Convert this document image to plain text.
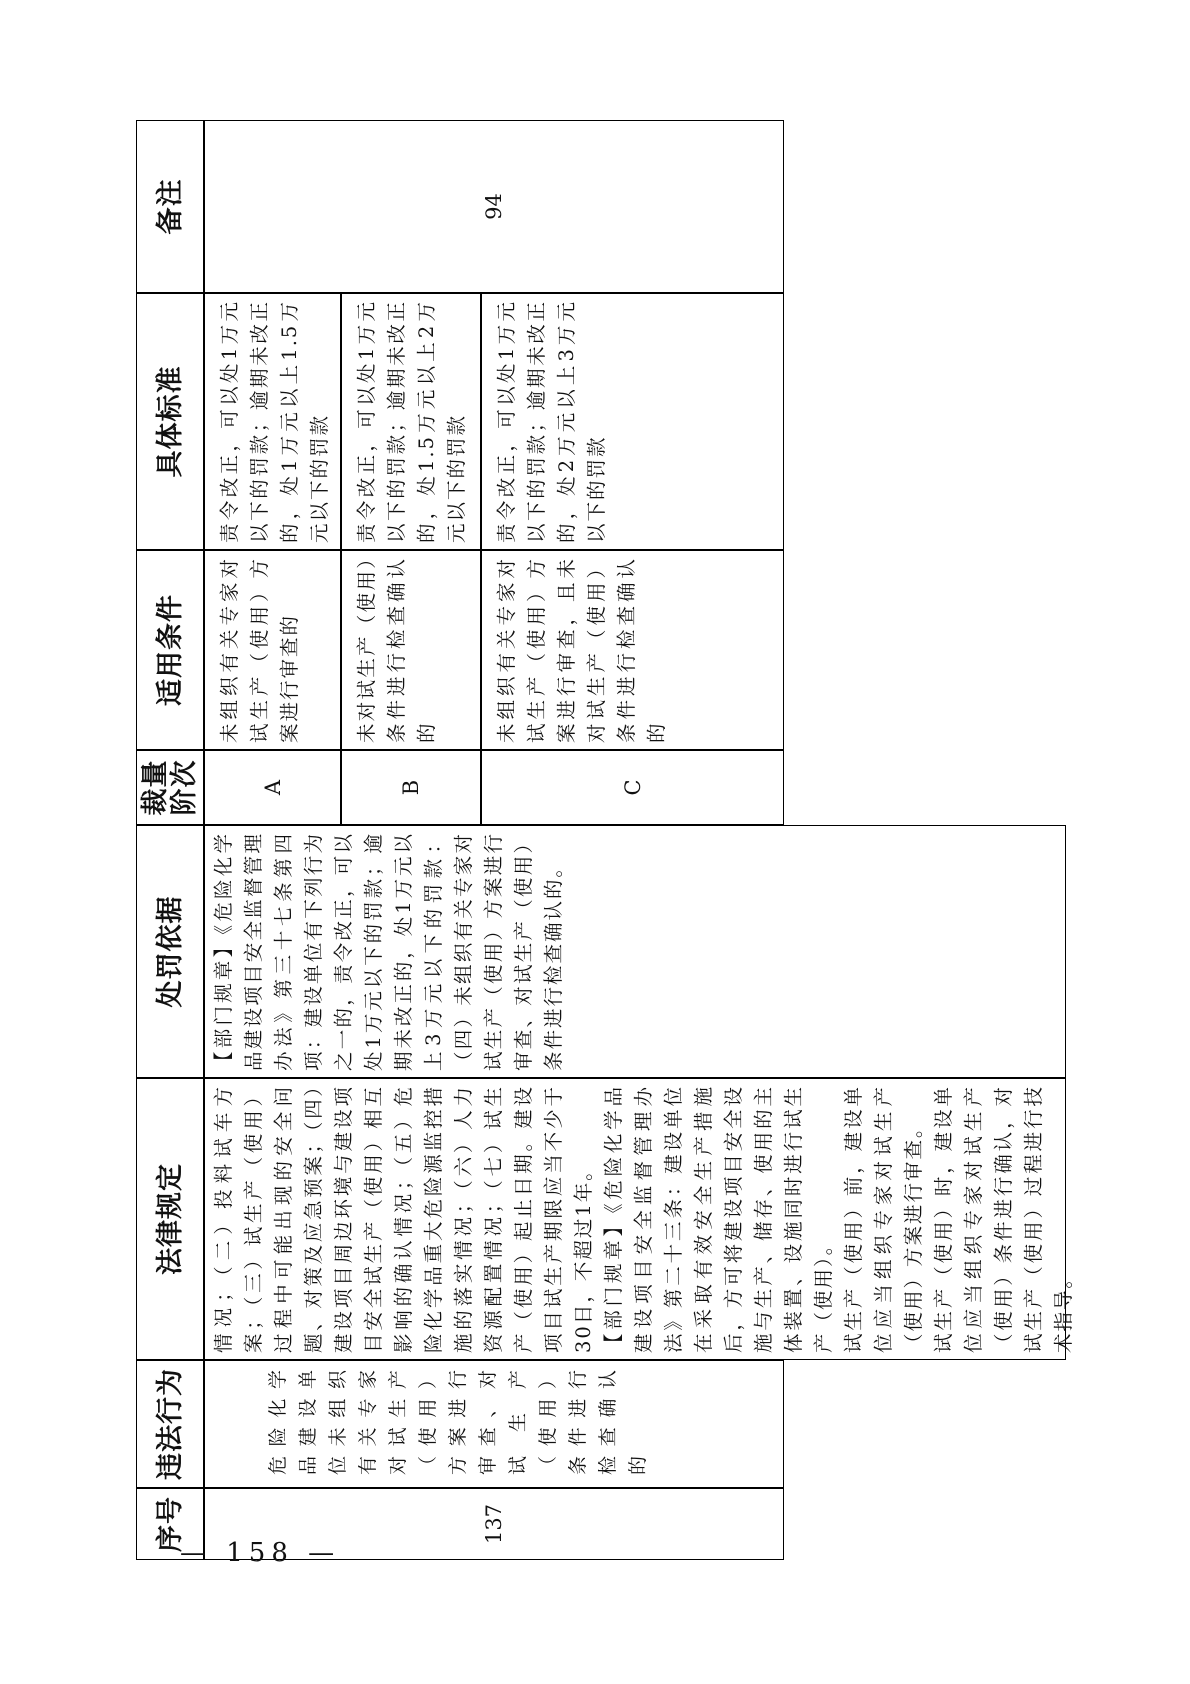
序号
违法行为
法律规定
处罚依据
裁量
阶次
适用条件
具体标准
备注
137
危险化学品建设单位未组织有关专家对试生产（使用）方案进行审查、对试生产（使用）条件进行检查确认的
情况；（二）投料试车方案；（三）试生产（使用）过程中可能出现的安全问题、对策及应急预案；（四）建设项目周边环境与建设项目安全试生产（使用）相互影响的确认情况；（五）危险化学品重大危险源监控措施的落实情况；（六）人力资源配置情况；（七）试生产（使用）起止日期。建设项目试生产期限应当不少于30日，不超过1年。 【部门规章】《危险化学品建设项目安全监督管理办法》第二十三条：建设单位在采取有效安全生产措施后，方可将建设项目安全设施与生产、储存、使用的主体装置、设施同时进行试生产（使用）。 试生产（使用）前，建设单位应当组织专家对试生产（使用）方案进行审查。 试生产（使用）时，建设单位应当组织专家对试生产（使用）条件进行确认，对试生产（使用）过程进行技术指导。
【部门规章】《危险化学品建设项目安全监督管理办法》第三十七条第四项：建设单位有下列行为之一的，责令改正，可以处1万元以下的罚款；逾期未改正的，处1万元以上3万元以下的罚款：（四）未组织有关专家对试生产（使用）方案进行审查、对试生产（使用）条件进行检查确认的。
A
未组织有关专家对试生产（使用）方案进行审查的
责令改正，可以处1万元以下的罚款；逾期未改正的，处1万元以上1.5万元以下的罚款
B
未对试生产（使用）条件进行检查确认的
责令改正，可以处1万元以下的罚款；逾期未改正的，处1.5万元以上2万元以下的罚款
C
未组织有关专家对试生产（使用）方案进行审查，且未对试生产（使用）条件进行检查确认的
责令改正，可以处1万元以下的罚款；逾期未改正的，处2万元以上3万元以下的罚款
94
— 158 —
